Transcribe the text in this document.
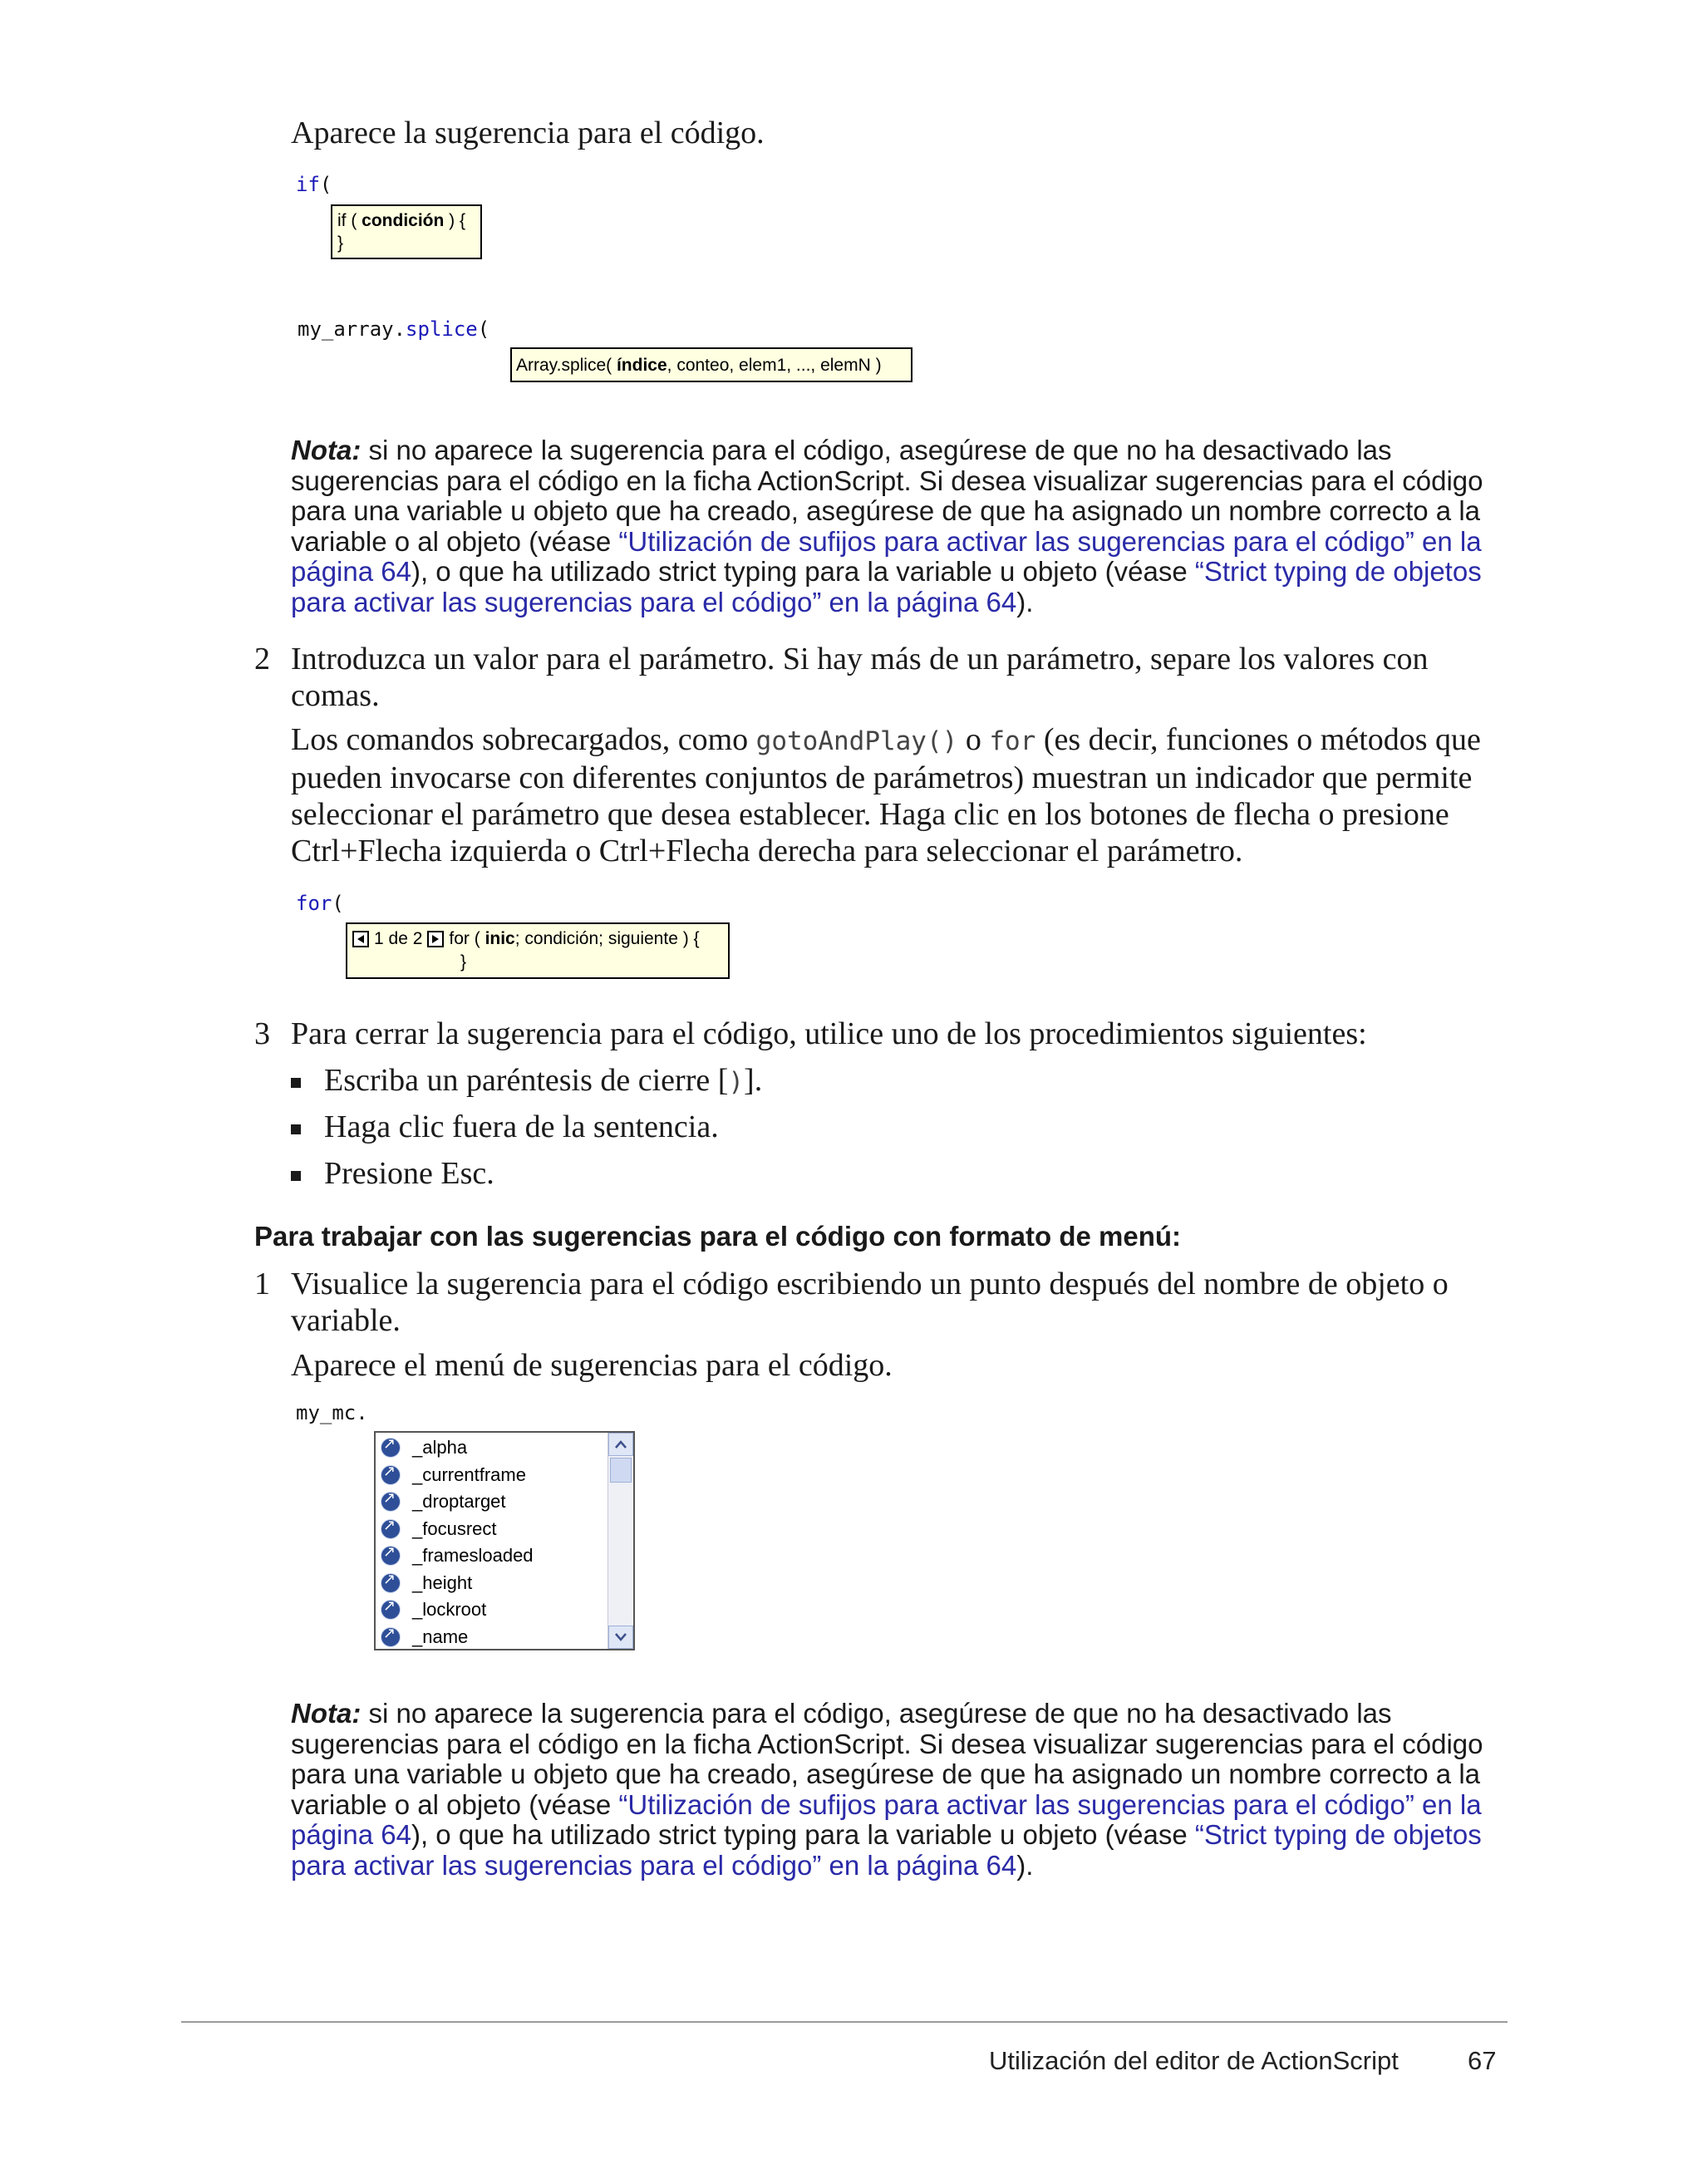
Aparece la sugerencia para el código.
if(
if ( condición ) {
}
my_array.splice(
Array.splice( índice, conteo, elem1, ..., elemN )
Nota: si no aparece la sugerencia para el código, asegúrese de que no ha desactivado las sugerencias para el código en la ficha ActionScript. Si desea visualizar sugerencias para el código para una variable u objeto que ha creado, asegúrese de que ha asignado un nombre correcto a la variable o al objeto (véase “Utilización de sufijos para activar las sugerencias para el código” en la página 64), o que ha utilizado strict typing para la variable u objeto (véase “Strict typing de objetos para activar las sugerencias para el código” en la página 64).
2 Introduzca un valor para el parámetro. Si hay más de un parámetro, separe los valores con comas.
Los comandos sobrecargados, como gotoAndPlay() o for (es decir, funciones o métodos que pueden invocarse con diferentes conjuntos de parámetros) muestran un indicador que permite seleccionar el parámetro que desea establecer. Haga clic en los botones de flecha o presione Ctrl+Flecha izquierda o Ctrl+Flecha derecha para seleccionar el parámetro.
for(
1 de 2 for ( inic; condición; siguiente ) {
}
3 Para cerrar la sugerencia para el código, utilice uno de los procedimientos siguientes:
Escriba un paréntesis de cierre [)].
Haga clic fuera de la sentencia.
Presione Esc.
Para trabajar con las sugerencias para el código con formato de menú:
1 Visualice la sugerencia para el código escribiendo un punto después del nombre de objeto o variable.
Aparece el menú de sugerencias para el código.
my_mc.
↗
_alpha
↗
_currentframe
↗
_droptarget
↗
_focusrect
↗
_framesloaded
↗
_height
↗
_lockroot
↗
_name
Nota: si no aparece la sugerencia para el código, asegúrese de que no ha desactivado las sugerencias para el código en la ficha ActionScript. Si desea visualizar sugerencias para el código para una variable u objeto que ha creado, asegúrese de que ha asignado un nombre correcto a la variable o al objeto (véase “Utilización de sufijos para activar las sugerencias para el código” en la página 64), o que ha utilizado strict typing para la variable u objeto (véase “Strict typing de objetos para activar las sugerencias para el código” en la página 64).
Utilización del editor de ActionScript	67
